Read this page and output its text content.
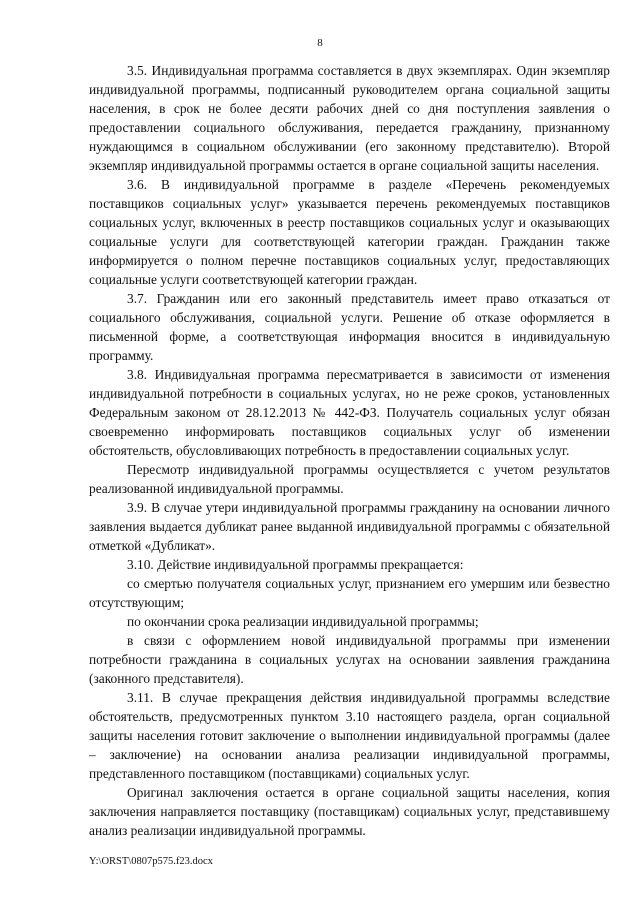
8

3.5. Индивидуальная программа составляется в двух экземплярах. Один экземпляр индивидуальной программы, подписанный руководителем органа социальной защиты населения, в срок не более десяти рабочих дней со дня поступления заявления о предоставлении социального обслуживания, передается гражданину, признанному нуждающимся в социальном обслуживании (его законному представителю). Второй экземпляр индивидуальной программы остается в органе социальной защиты населения.

3.6. В индивидуальной программе в разделе «Перечень рекомендуемых поставщиков социальных услуг» указывается перечень рекомендуемых поставщиков социальных услуг, включенных в реестр поставщиков социальных услуг и оказывающих социальные услуги для соответствующей категории граждан. Гражданин также информируется о полном перечне поставщиков социальных услуг, предоставляющих социальные услуги соответствующей категории граждан.

3.7. Гражданин или его законный представитель имеет право отказаться от социального обслуживания, социальной услуги. Решение об отказе оформляется в письменной форме, а соответствующая информация вносится в индивидуальную программу.

3.8. Индивидуальная программа пересматривается в зависимости от изменения индивидуальной потребности в социальных услугах, но не реже сроков, установленных Федеральным законом от 28.12.2013 № 442-ФЗ. Получатель социальных услуг обязан своевременно информировать поставщиков социальных услуг об изменении обстоятельств, обусловливающих потребность в предоставлении социальных услуг.

Пересмотр индивидуальной программы осуществляется с учетом результатов реализованной индивидуальной программы.

3.9. В случае утери индивидуальной программы гражданину на основании личного заявления выдается дубликат ранее выданной индивидуальной программы с обязательной отметкой «Дубликат».

3.10. Действие индивидуальной программы прекращается:

со смертью получателя социальных услуг, признанием его умершим или безвестно отсутствующим;

по окончании срока реализации индивидуальной программы;

в связи с оформлением новой индивидуальной программы при изменении потребности гражданина в социальных услугах на основании заявления гражданина (законного представителя).

3.11. В случае прекращения действия индивидуальной программы вследствие обстоятельств, предусмотренных пунктом 3.10 настоящего раздела, орган социальной защиты населения готовит заключение о выполнении индивидуальной программы (далее – заключение) на основании анализа реализации индивидуальной программы, представленного поставщиком (поставщиками) социальных услуг.

Оригинал заключения остается в органе социальной защиты населения, копия заключения направляется поставщику (поставщикам) социальных услуг, представившему анализ реализации индивидуальной программы.

Y:\ORST\0807p575.f23.docx
